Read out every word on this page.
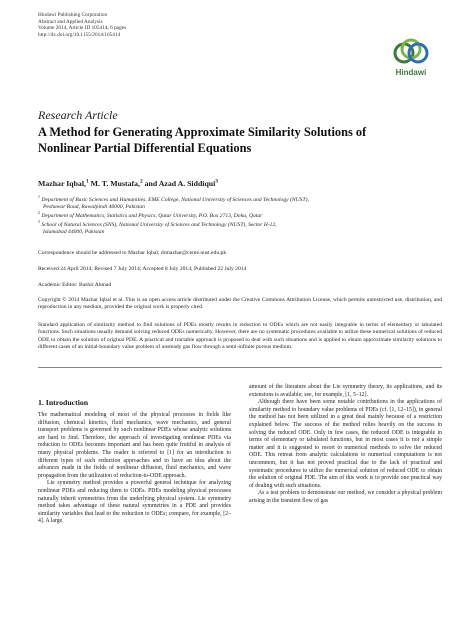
Hindawi Publishing Corporation
Abstract and Applied Analysis
Volume 2014, Article ID 105414, 6 pages
http://dx.doi.org/10.1155/2014/105414
Hindawi
Research Article
A Method for Generating Approximate Similarity Solutions of
Nonlinear Partial Differential Equations
Mazhar Iqbal,$^1$ M. T. Mustafa,$^2$ and Azad A. Siddiqui$^3$
$^1$ Department of Basic Sciences and Humanities, EME College, National University of Sciences and Technology (NUST),
Peshawar Road, Rawalpindi 46000, Pakistan
$^2$ Department of Mathematics, Statistics and Physics, Qatar University, P.O. Box 2713, Doha, Qatar
$^3$ School of Natural Sciences (SNS), National University of Sciences and Technology (NUST), Sector H-12,
Islamabad 44000, Pakistan
Correspondence should be addressed to Mazhar Iqbal; drmazhar@ceme.nust.edu.pk
Received 24 April 2014; Revised 7 July 2014; Accepted 8 July 2014; Published 22 July 2014
Academic Editor: Bashir Ahmad
Copyright © 2014 Mazhar Iqbal et al. This is an open access article distributed under the Creative Commons Attribution License, which permits unrestricted use, distribution, and reproduction in any medium, provided the original work is properly cited.
Standard application of similarity method to find solutions of PDEs mostly results in reduction to ODEs which are not easily integrable in terms of elementary or tabulated functions. Such situations usually demand solving reduced ODEs numerically. However, there are no systematic procedures available to utilize these numerical solutions of reduced ODE to obtain the solution of original PDE. A practical and tractable approach is proposed to deal with such situations and is applied to obtain approximate similarity solutions to different cases of an initial-boundary value problem of unsteady gas flow through a semi-infinite porous medium.
1. Introduction

The mathematical modeling of most of the physical processes in fields like diffusion, chemical kinetics, fluid mechanics, wave mechanics, and general transport problems is governed by such nonlinear PDEs whose analytic solutions are hard to find. Therefore, the approach of investigating nonlinear PDEs via reduction to ODEs becomes important and has been quite fruitful in analysis of many physical problems. The reader is referred to [1] for an introduction to different types of such reduction approaches and to have an idea about the advances made in the fields of nonlinear diffusion, fluid mechanics, and wave propagation from the utilization of reduction-to-ODE approach.

Lie symmetry method provides a powerful general technique for analyzing nonlinear PDEs and reducing them to ODEs. PDEs modeling physical processes naturally inherit symmetries from the underlying physical system. Lie symmetry method takes advantage of these natural symmetries in a PDE and provides similarity variables that lead to the reduction to ODEs; compare, for example, [2–4]. A large

amount of the literature about the Lie symmetry theory, its applications, and its extensions is available; see, for example, [1, 5–12].

Although there have been some notable contributions in the applications of similarity method to boundary value problems of PDEs (cf. [1, 12–15]), in general the method has not been utilized in a great deal mainly because of a restriction explained below. The success of the method relies heavily on the success in solving the reduced ODE. Only in few cases, the reduced ODE is integrable in terms of elementary or tabulated functions, but in most cases it is not a simple matter and it is suggested to resort to numerical methods to solve the reduced ODE. This retreat from analytic calculations to numerical computations is not uncommon, but it has not proved practical due to the lack of practical and systematic procedures to utilize the numerical solution of reduced ODE to obtain the solution of original PDE. The aim of this work is to provide one practical way of dealing with such situations.

As a test problem to demonstrate our method, we consider a physical problem arising in the transient flow of gas
